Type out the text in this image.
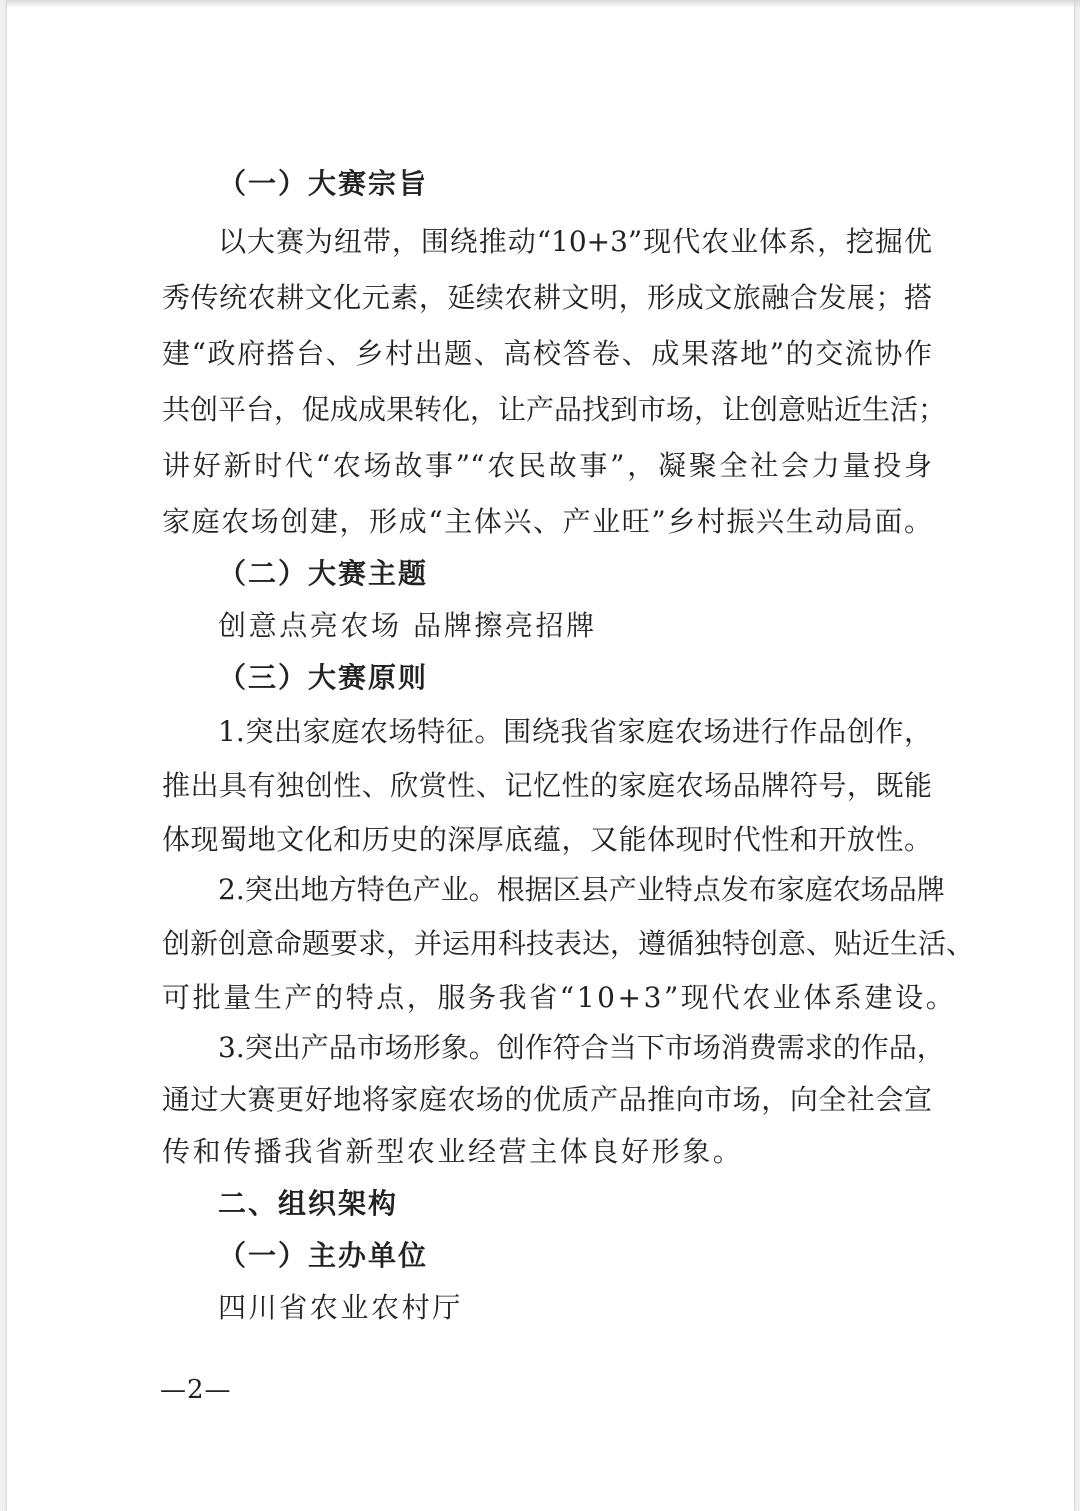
（一）大赛宗旨
以大赛为纽带，围绕推动“10+3”现代农业体系，挖掘优
秀传统农耕文化元素，延续农耕文明，形成文旅融合发展；搭
建“政府搭台、乡村出题、高校答卷、成果落地”的交流协作
共创平台，促成成果转化，让产品找到市场，让创意贴近生活；
讲好新时代“农场故事”“农民故事”，凝聚全社会力量投身
家庭农场创建，形成“主体兴、产业旺”乡村振兴生动局面。
（二）大赛主题
创意点亮农场 品牌擦亮招牌
（三）大赛原则
1.突出家庭农场特征。围绕我省家庭农场进行作品创作，
推出具有独创性、欣赏性、记忆性的家庭农场品牌符号，既能
体现蜀地文化和历史的深厚底蕴，又能体现时代性和开放性。
2.突出地方特色产业。根据区县产业特点发布家庭农场品牌
创新创意命题要求，并运用科技表达，遵循独特创意、贴近生活、
可批量生产的特点，服务我省“10+3”现代农业体系建设。
3.突出产品市场形象。创作符合当下市场消费需求的作品，
通过大赛更好地将家庭农场的优质产品推向市场，向全社会宣
传和传播我省新型农业经营主体良好形象。
二、组织架构
（一）主办单位
四川省农业农村厅
—2—
